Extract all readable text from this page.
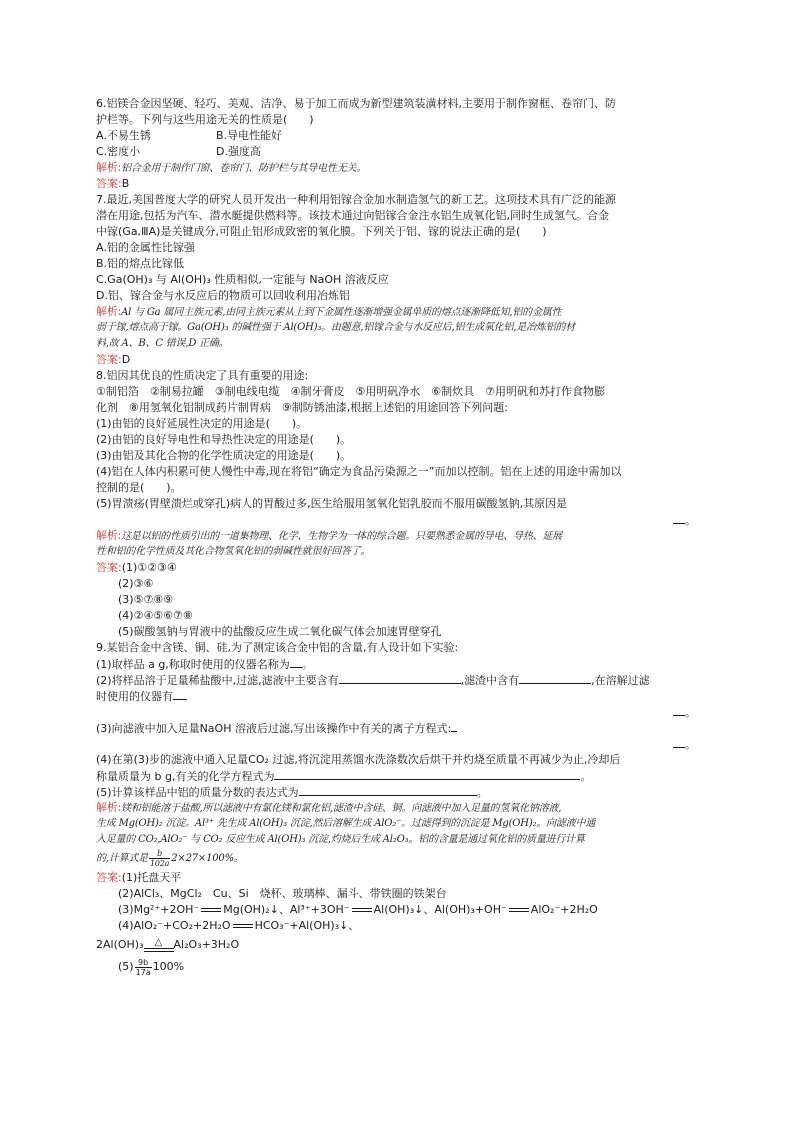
6.铝镁合金因坚硬、轻巧、美观、洁净、易于加工而成为新型建筑装潢材料,主要用于制作窗框、卷帘门、防
护栏等。下列与这些用途无关的性质是(　　)
A.不易生锈	B.导电性能好
C.密度小	D.强度高
解析:铝合金用于制作门窗、卷帘门、防护栏与其导电性无关。
答案:B
7.最近,美国普度大学的研究人员开发出一种利用铝镓合金加水制造氢气的新工艺。这项技术具有广泛的能源
潜在用途,包括为汽车、潜水艇提供燃料等。该技术通过向铝镓合金注水铝生成氧化铝,同时生成氢气。合金
中镓(Ga,ⅢA)是关键成分,可阻止铝形成致密的氧化膜。下列关于铝、镓的说法正确的是(　　)
A.铝的金属性比镓强
B.铝的熔点比镓低
C.Ga(OH)₃ 与 Al(OH)₃ 性质相似,一定能与 NaOH 溶液反应
D.铝、镓合金与水反应后的物质可以回收利用冶炼铝
解析:Al 与 Ga 属同主族元素,由同主族元素从上到下金属性逐渐增强金属单质的熔点逐渐降低知,铝的金属性
弱于镓,熔点高于镓。Ga(OH)₃ 的碱性强于 Al(OH)₃。由题意,铝镓合金与水反应后,铝生成氧化铝,是冶炼铝的材
料,故 A、B、C 错误,D 正确。
答案:D
8.铝因其优良的性质决定了具有重要的用途:
①制铝箔　②制易拉罐　③制电线电缆　④制牙膏皮　⑤用明矾净水　⑥制炊具　⑦用明矾和苏打作食物膨
化剂　⑧用氢氧化铝制成药片制胃病　⑨制防锈油漆,根据上述铝的用途回答下列问题:
(1)由铝的良好延展性决定的用途是(　　)。
(2)由铝的良好导电性和导热性决定的用途是(　　)。
(3)由铝及其化合物的化学性质决定的用途是(　　)。
(4)铝在人体内积累可使人慢性中毒,现在将铝“确定为食品污染源之一”而加以控制。铝在上述的用途中需加以
控制的是(　　)。
(5)胃溃疡(胃壁溃烂或穿孔)病人的胃酸过多,医生给服用氢氧化铝乳胶而不服用碳酸氢钠,其原因是
。
解析:这是以铝的性质引出的一道集物理、化学、生物学为一体的综合题。只要熟悉金属的导电、导热、延展
性和铝的化学性质及其化合物氢氧化铝的弱碱性就很好回答了。
答案:(1)①②③④
(2)③⑥
(3)⑤⑦⑧⑨
(4)②④⑤⑥⑦⑧
(5)碳酸氢钠与胃液中的盐酸反应生成二氧化碳气体会加速胃壁穿孔
9.某铝合金中含镁、铜、硅,为了测定该合金中铝的含量,有人设计如下实验:
(1)取样品 a g,称取时使用的仪器名称为 。
(2)将样品溶于足量稀盐酸中,过滤,滤液中主要含有	,滤渣中含有	,在溶解过滤
时使用的仪器有
。
(3)向滤液中加入足量NaOH 溶液后过滤,写出该操作中有关的离子方程式:
。
(4)在第(3)步的滤液中通入足量CO₂ 过滤,将沉淀用蒸馏水洗涤数次后烘干并灼烧至质量不再减少为止,冷却后
称量质量为 b g,有关的化学方程式为	。
(5)计算该样品中铝的质量分数的表达式为	。
解析:镁和铝能溶于盐酸,所以滤液中有氯化镁和氯化铝,滤渣中含硅、铜。向滤液中加入足量的氢氧化钠溶液,
生成 Mg(OH)₂ 沉淀。Al³⁺ 先生成 Al(OH)₃ 沉淀,然后溶解生成 AlO₂⁻。过滤得到的沉淀是 Mg(OH)₂。向滤液中通
入足量的 CO₂,AlO₂⁻ 与 CO₂ 反应生成 Al(OH)₃ 沉淀,灼烧后生成 Al₂O₃。铝的含量是通过氧化铝的质量进行计算
的,计算式是 $\frac{b}{102a} 2\times 27\times 100\%$。
答案:(1)托盘天平
(2)AlCl₃、MgCl₂　Cu、Si　烧杯、玻璃棒、漏斗、带铁圈的铁架台
(3)Mg²⁺+2OH⁻ Mg(OH)₂↓、Al³⁺+3OH⁻ Al(OH)₃↓、Al(OH)₃+OH⁻ AlO₂⁻+2H₂O
(4)AlO₂⁻+CO₂+2H₂O HCO₃⁻+Al(OH)₃↓、
2Al(OH)₃	△	Al₂O₃+3H₂O
$(5) \frac{9b}{17a} 100\%$
